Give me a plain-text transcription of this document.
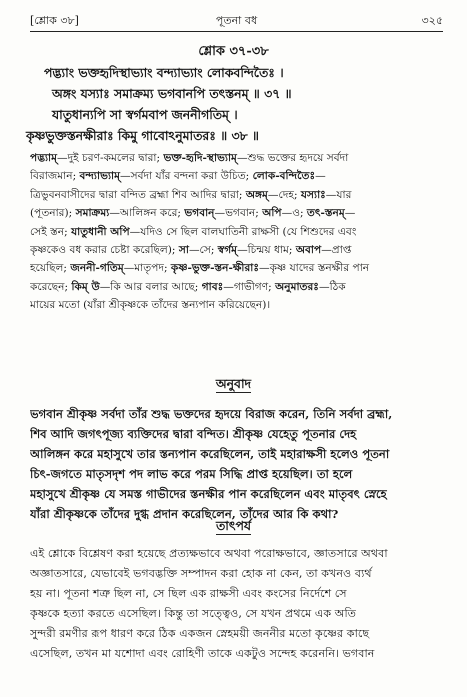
[শ্লোক ৩৮]	পূতনা বধ	৩২৫
শ্লোক ৩৭-৩৮
পদ্ভ্যাং ভক্তহৃদিস্থাভ্যাং বন্দ্যাভ্যাং লোকবন্দিতৈঃ ।
অঙ্গং যস্যাঃ সমাক্রম্য ভগবানপি তৎস্তনম্ ॥ ৩৭ ॥
যাতুধান্যপি সা স্বর্গমবাপ জননীগতিম্ ।
কৃষ্ণভুক্তস্তনক্ষীরাঃ কিমু গাবোঽনুমাতরঃ ॥ ৩৮ ॥
পদ্ভ্যাম্—দুই চরণ-কমলের দ্বারা; ভক্ত-হৃদি-স্থাভ্যাম্—শুদ্ধ ভক্তের হৃদয়ে সর্বদা
বিরাজমান; বন্দ্যাভ্যাম্—সর্বদা যাঁর বন্দনা করা উচিত; লোক-বন্দিতৈঃ—
ত্রিভুবনবাসীদের দ্বারা বন্দিত ব্রহ্মা শিব আদির দ্বারা; অঙ্গম্—দেহ; যস্যাঃ—যার
(পূতনার); সমাক্রম্য—আলিঙ্গন করে; ভগবান্—ভগবান; অপি—ও; তৎ-স্তনম্—
সেই স্তন; যাতুধানী অপি—যদিও সে ছিল বালঘাতিনী রাক্ষসী (যে শিশুদের এবং
কৃষ্ণকেও বধ করার চেষ্টা করেছিল); সা—সে; স্বর্গম্—চিন্ময় ধাম; অবাপ—প্রাপ্ত
হয়েছিল; জননী-গতিম্—মাতৃপদ; কৃষ্ণ-ভুক্ত-স্তন-ক্ষীরাঃ—কৃষ্ণ যাদের স্তনক্ষীর পান
করেছেন; কিম্ উ—কি আর বলার আছে; গাবঃ—গাভীগণ; অনুমাতরঃ—ঠিক
মায়ের মতো (যাঁরা শ্রীকৃষ্ণকে তাঁদের স্তন্যপান করিয়েছেন)।
অনুবাদ
ভগবান শ্রীকৃষ্ণ সর্বদা তাঁর শুদ্ধ ভক্তদের হৃদয়ে বিরাজ করেন, তিনি সর্বদা ব্রহ্মা,
শিব আদি জগৎপূজ্য ব্যক্তিদের দ্বারা বন্দিত। শ্রীকৃষ্ণ যেহেতু পূতনার দেহ
আলিঙ্গন করে মহাসুখে তার স্তন্যপান করেছিলেন, তাই মহারাক্ষসী হলেও পূতনা
চিৎ-জগতে মাতৃসদৃশ পদ লাভ করে পরম সিদ্ধি প্রাপ্ত হয়েছিল। তা হলে
মহাসুখে শ্রীকৃষ্ণ যে সমস্ত গাভীদের স্তনক্ষীর পান করেছিলেন এবং মাতৃবৎ স্নেহে
যাঁরা শ্রীকৃষ্ণকে তাঁদের দুগ্ধ প্রদান করেছিলেন, তাঁদের আর কি কথা?
তাৎপর্য
এই শ্লোকে বিশ্লেষণ করা হয়েছে প্রত্যক্ষভাবে অথবা পরোক্ষভাবে, জ্ঞাতসারে অথবা
অজ্ঞাতসারে, যেভাবেই ভগবদ্ভক্তি সম্পাদন করা হোক না কেন, তা কখনও ব্যর্থ
হয় না। পূতনা শত্রু ছিল না, সে ছিল এক রাক্ষসী এবং কংসের নির্দেশে সে
কৃষ্ণকে হত্যা করতে এসেছিল। কিন্তু তা সত্ত্বেও, সে যখন প্রথমে এক অতি
সুন্দরী রমণীর রূপ ধারণ করে ঠিক একজন স্নেহময়ী জননীর মতো কৃষ্ণের কাছে
এসেছিল, তখন মা যশোদা এবং রোহিণী তাকে একটুও সন্দেহ করেননি। ভগবান
